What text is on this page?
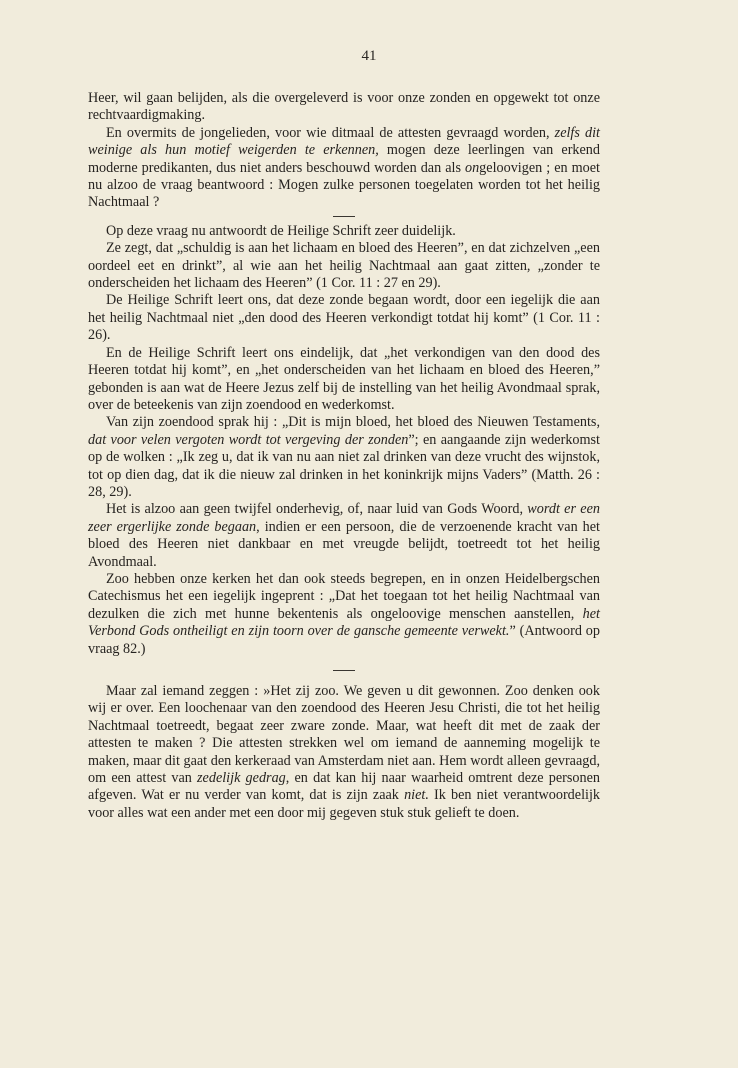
41

Heer, wil gaan belijden, als die overgeleverd is voor onze zonden en opgewekt tot onze rechtvaardigmaking.

En overmits de jongelieden, voor wie ditmaal de attesten gevraagd worden, zelfs dit weinige als hun motief weigerden te erkennen, mogen deze leerlingen van erkend moderne predikanten, dus niet anders beschouwd worden dan als ongeloovigen ; en moet nu alzoo de vraag beantwoord : Mogen zulke personen toegelaten worden tot het heilig Nachtmaal ?

Op deze vraag nu antwoordt de Heilige Schrift zeer duidelijk.

Ze zegt, dat „schuldig is aan het lichaam en bloed des Heeren”, en dat zichzelven „een oordeel eet en drinkt”, al wie aan het heilig Nachtmaal aan gaat zitten, „zonder te onderscheiden het lichaam des Heeren” (1 Cor. 11 : 27 en 29).

De Heilige Schrift leert ons, dat deze zonde begaan wordt, door een iegelijk die aan het heilig Nachtmaal niet „den dood des Heeren verkondigt totdat hij komt” (1 Cor. 11 : 26).

En de Heilige Schrift leert ons eindelijk, dat „het verkondigen van den dood des Heeren totdat hij komt”, en „het onderscheiden van het lichaam en bloed des Heeren,” gebonden is aan wat de Heere Jezus zelf bij de instelling van het heilig Avondmaal sprak, over de beteekenis van zijn zoendood en wederkomst.

Van zijn zoendood sprak hij : „Dit is mijn bloed, het bloed des Nieuwen Testaments, dat voor velen vergoten wordt tot vergeving der zonden”; en aangaande zijn wederkomst op de wolken : „Ik zeg u, dat ik van nu aan niet zal drinken van deze vrucht des wijnstok, tot op dien dag, dat ik die nieuw zal drinken in het koninkrijk mijns Vaders” (Matth. 26 : 28, 29).

Het is alzoo aan geen twijfel onderhevig, of, naar luid van Gods Woord, wordt er een zeer ergerlijke zonde begaan, indien er een persoon, die de verzoenende kracht van het bloed des Heeren niet dankbaar en met vreugde belijdt, toetreedt tot het heilig Avondmaal.

Zoo hebben onze kerken het dan ook steeds begrepen, en in onzen Heidelbergschen Catechismus het een iegelijk ingeprent : „Dat het toegaan tot het heilig Nachtmaal van dezulken die zich met hunne bekentenis als ongeloovige menschen aanstellen, het Verbond Gods ontheiligt en zijn toorn over de gansche gemeente verwekt.” (Antwoord op vraag 82.)

Maar zal iemand zeggen : »Het zij zoo. We geven u dit gewonnen. Zoo denken ook wij er over. Een loochenaar van den zoendood des Heeren Jesu Christi, die tot het heilig Nachtmaal toetreedt, begaat zeer zware zonde. Maar, wat heeft dit met de zaak der attesten te maken ? Die attesten strekken wel om iemand de aanneming mogelijk te maken, maar dit gaat den kerkeraad van Amsterdam niet aan. Hem wordt alleen gevraagd, om een attest van zedelijk gedrag, en dat kan hij naar waarheid omtrent deze personen afgeven. Wat er nu verder van komt, dat is zijn zaak niet. Ik ben niet verantwoordelijk voor alles wat een ander met een door mij gegeven stuk stuk gelieft te doen.
